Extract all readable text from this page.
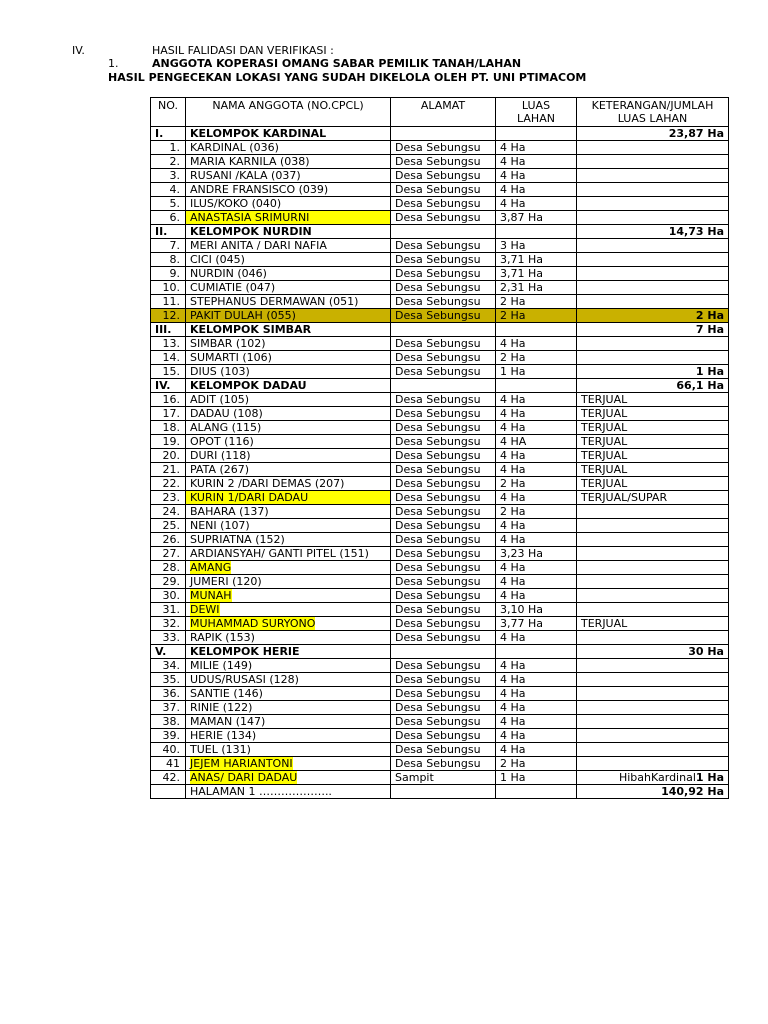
IV.	HASIL FALIDASI DAN VERIFIKASI :
1.	ANGGOTA KOPERASI OMANG SABAR PEMILIK TANAH/LAHAN
HASIL PENGECEKAN LOKASI YANG SUDAH DIKELOLA OLEH PT. UNI PTIMACOM
NO.	NAMA ANGGOTA (NO.CPCL)	ALAMAT	LUAS LAHAN	KETERANGAN/JUMLAH LUAS LAHAN
I.	KELOMPOK KARDINAL			23,87 Ha
1.	KARDINAL (036)	Desa Sebungsu	4 Ha	
2.	MARIA KARNILA (038)	Desa Sebungsu	4 Ha	
3.	RUSANI /KALA (037)	Desa Sebungsu	4 Ha	
4.	ANDRE FRANSISCO (039)	Desa Sebungsu	4 Ha	
5.	ILUS/KOKO (040)	Desa Sebungsu	4 Ha	
6.	ANASTASIA SRIMURNI	Desa Sebungsu	3,87 Ha	
II.	KELOMPOK NURDIN			14,73 Ha
7.	MERI ANITA / DARI NAFIA	Desa Sebungsu	3 Ha	
8.	CICI (045)	Desa Sebungsu	3,71 Ha	
9.	NURDIN (046)	Desa Sebungsu	3,71 Ha	
10.	CUMIATIE (047)	Desa Sebungsu	2,31 Ha	
11.	STEPHANUS DERMAWAN (051)	Desa Sebungsu	2 Ha	
12.	PAKIT DULAH (055)	Desa Sebungsu	2 Ha	2 Ha
III.	KELOMPOK SIMBAR			7 Ha
13.	SIMBAR (102)	Desa Sebungsu	4 Ha	
14.	SUMARTI (106)	Desa Sebungsu	2 Ha	
15.	DIUS (103)	Desa Sebungsu	1 Ha	1 Ha
IV.	KELOMPOK DADAU			66,1 Ha
16.	ADIT (105)	Desa Sebungsu	4 Ha	TERJUAL
17.	DADAU (108)	Desa Sebungsu	4 Ha	TERJUAL
18.	ALANG (115)	Desa Sebungsu	4 Ha	TERJUAL
19.	OPOT (116)	Desa Sebungsu	4 HA	TERJUAL
20.	DURI (118)	Desa Sebungsu	4 Ha	TERJUAL
21.	PATA (267)	Desa Sebungsu	4 Ha	TERJUAL
22.	KURIN 2 /DARI DEMAS (207)	Desa Sebungsu	2 Ha	TERJUAL
23.	KURIN 1/DARI DADAU	Desa Sebungsu	4 Ha	TERJUAL/SUPAR
24.	BAHARA (137)	Desa Sebungsu	2 Ha	
25.	NENI (107)	Desa Sebungsu	4 Ha	
26.	SUPRIATNA (152)	Desa Sebungsu	4 Ha	
27.	ARDIANSYAH/ GANTI PITEL (151)	Desa Sebungsu	3,23 Ha	
28.	AMANG	Desa Sebungsu	4 Ha	
29.	JUMERI (120)	Desa Sebungsu	4 Ha	
30.	MUNAH	Desa Sebungsu	4 Ha	
31.	DEWI	Desa Sebungsu	3,10 Ha	
32.	MUHAMMAD SURYONO	Desa Sebungsu	3,77 Ha	TERJUAL
33.	RAPIK (153)	Desa Sebungsu	4 Ha	
V.	KELOMPOK HERIE			30 Ha
34.	MILIE (149)	Desa Sebungsu	4 Ha	
35.	UDUS/RUSASI (128)	Desa Sebungsu	4 Ha	
36.	SANTIE (146)	Desa Sebungsu	4 Ha	
37.	RINIE (122)	Desa Sebungsu	4 Ha	
38.	MAMAN (147)	Desa Sebungsu	4 Ha	
39.	HERIE (134)	Desa Sebungsu	4 Ha	
40.	TUEL (131)	Desa Sebungsu	4 Ha	
41	JEJEM HARIANTONI	Desa Sebungsu	2 Ha	
42.	ANAS/ DARI DADAU	Sampit	1 Ha	HibahKardinal1 Ha
	HALAMAN 1 ………………..			140,92 Ha
